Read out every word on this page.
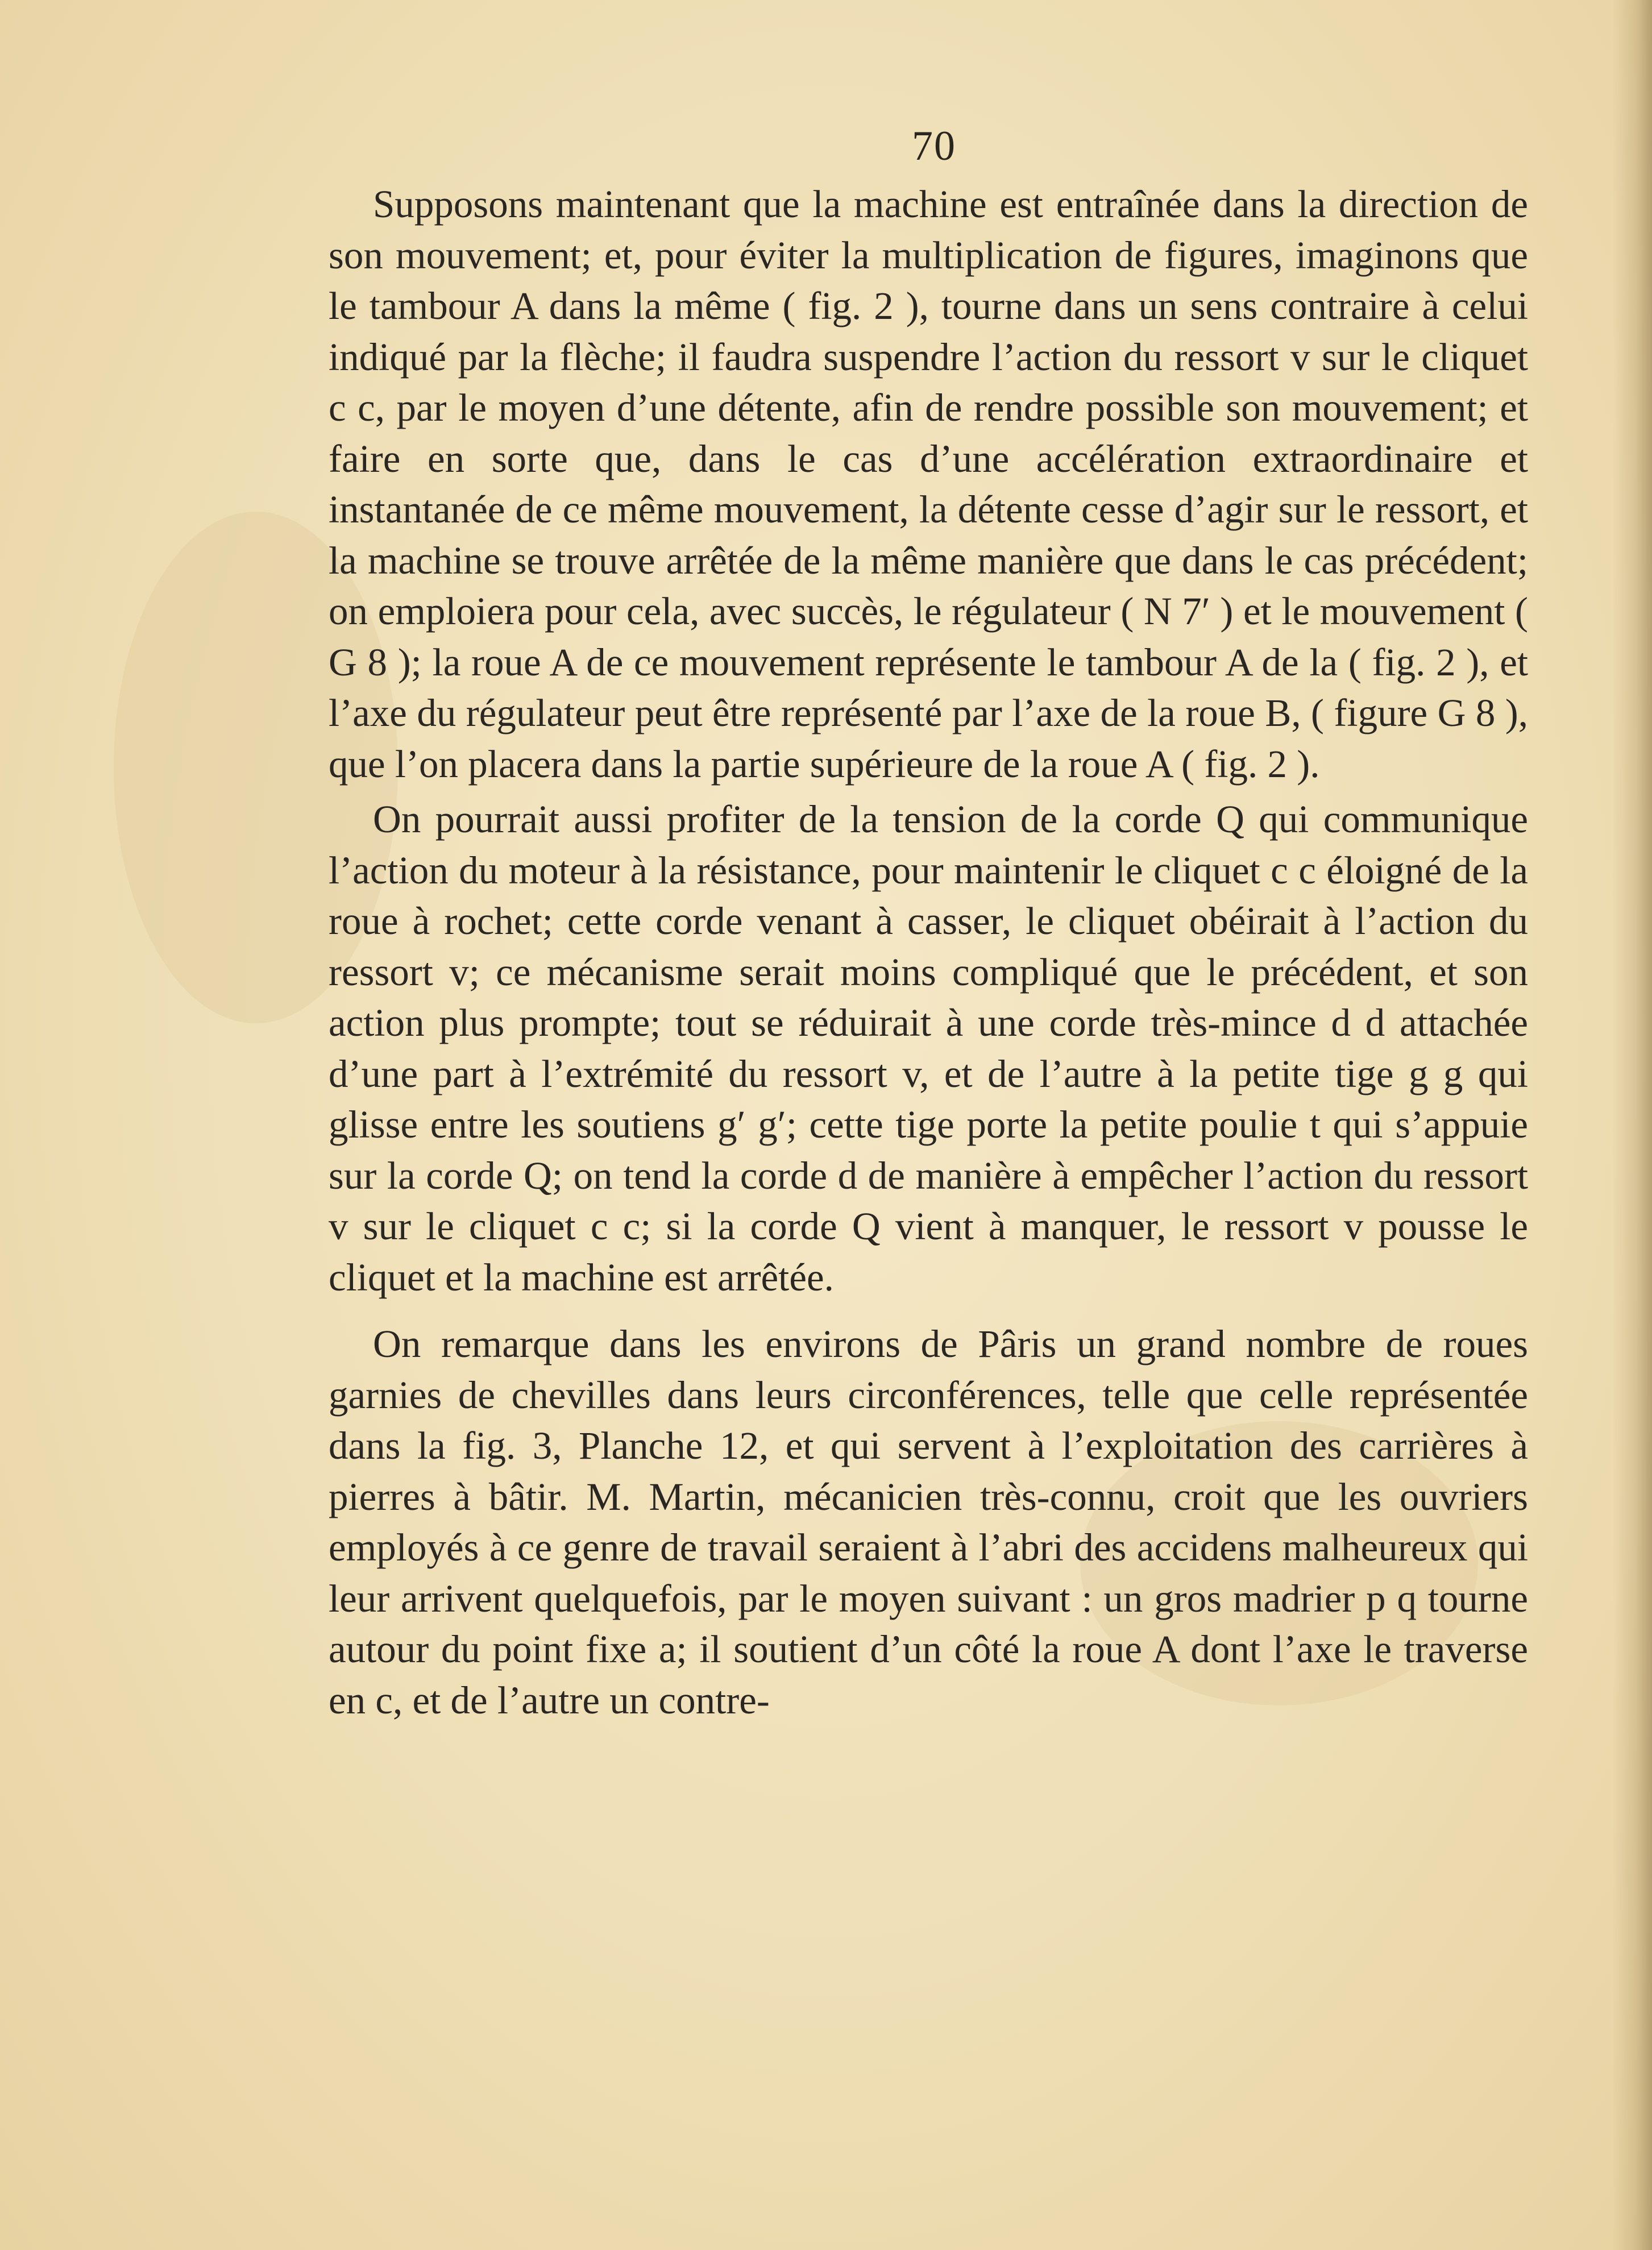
70

Supposons maintenant que la machine est entraînée dans la direction de son mouvement; et, pour éviter la multiplication de figures, imaginons que le tambour A dans la même ( fig. 2 ), tourne dans un sens contraire à celui indiqué par la flèche; il faudra suspendre l’action du ressort v sur le cliquet c c, par le moyen d’une détente, afin de rendre possible son mouvement; et faire en sorte que, dans le cas d’une accélération extraordinaire et instantanée de ce même mouvement, la détente cesse d’agir sur le ressort, et la machine se trouve arrêtée de la même manière que dans le cas précédent; on emploiera pour cela, avec succès, le régulateur ( N 7′ ) et le mouvement ( G 8 ); la roue A de ce mouvement représente le tambour A de la ( fig. 2 ), et l’axe du régulateur peut être représenté par l’axe de la roue B, ( figure G 8 ), que l’on placera dans la partie supérieure de la roue A ( fig. 2 ).

On pourrait aussi profiter de la tension de la corde Q qui communique l’action du moteur à la résistance, pour maintenir le cliquet c c éloigné de la roue à rochet; cette corde venant à casser, le cliquet obéirait à l’action du ressort v; ce mécanisme serait moins compliqué que le précédent, et son action plus prompte; tout se réduirait à une corde très-mince d d attachée d’une part à l’extrémité du ressort v, et de l’autre à la petite tige g g qui glisse entre les soutiens g′ g′; cette tige porte la petite poulie t qui s’appuie sur la corde Q; on tend la corde d de manière à empêcher l’action du ressort v sur le cliquet c c; si la corde Q vient à manquer, le ressort v pousse le cliquet et la machine est arrêtée.

On remarque dans les environs de Pâris un grand nombre de roues garnies de chevilles dans leurs circonférences, telle que celle représentée dans la fig. 3, Planche 12, et qui servent à l’exploitation des carrières à pierres à bâtir. M. Martin, mécanicien très-connu, croit que les ouvriers employés à ce genre de travail seraient à l’abri des accidens malheureux qui leur arrivent quelquefois, par le moyen suivant : un gros madrier p q tourne autour du point fixe a; il soutient d’un côté la roue A dont l’axe le traverse en c, et de l’autre un contre-
